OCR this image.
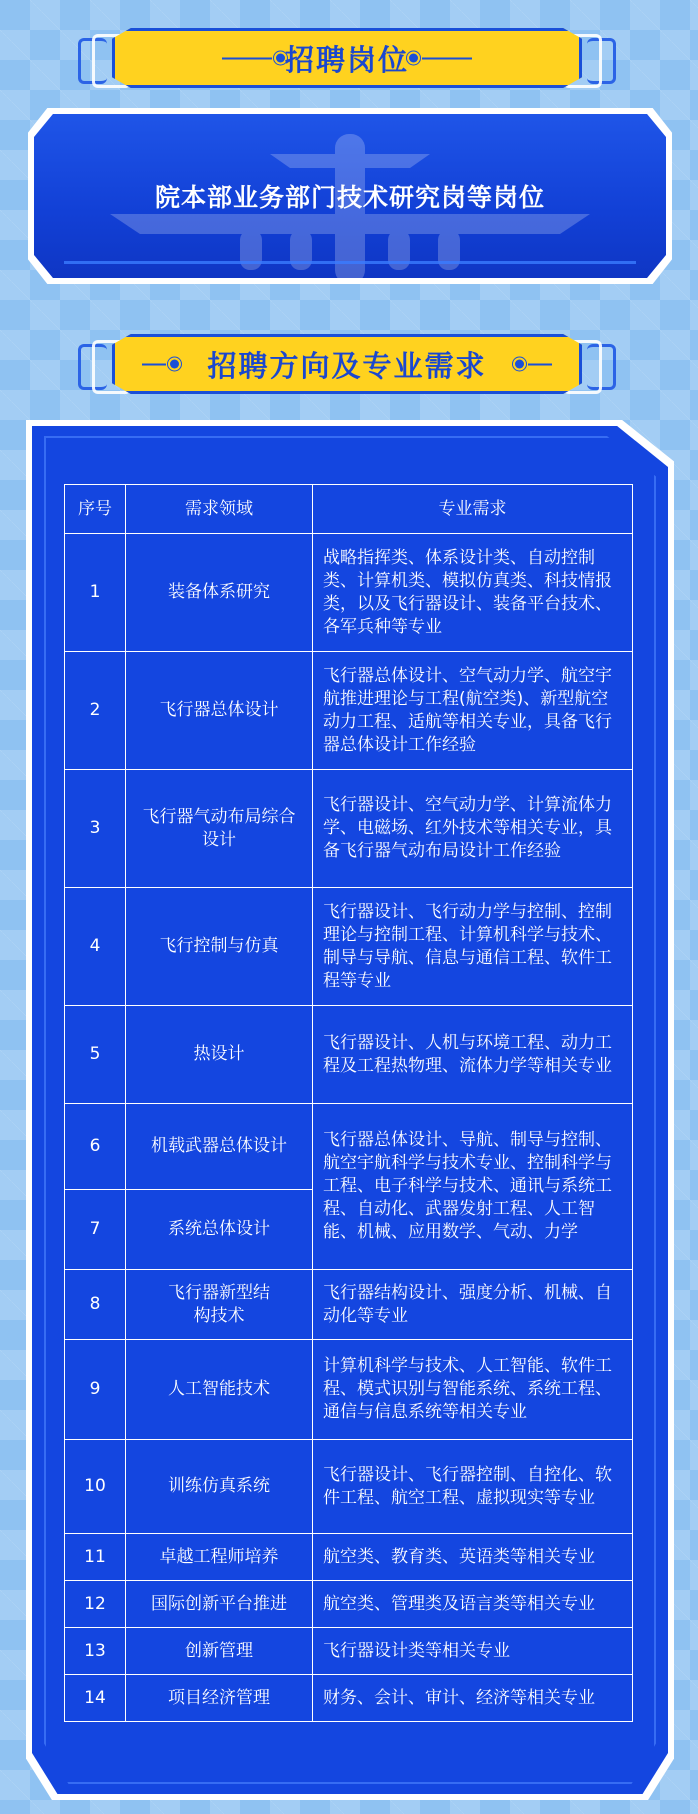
招聘岗位
院本部业务部门技术研究岗等岗位
招聘方向及专业需求
序号	需求领域	专业需求
1	装备体系研究	战略指挥类、体系设计类、自动控制类、计算机类、模拟仿真类、科技情报类，以及飞行器设计、装备平台技术、各军兵种等专业
2	飞行器总体设计	飞行器总体设计、空气动力学、航空宇航推进理论与工程(航空类)、新型航空动力工程、适航等相关专业，具备飞行器总体设计工作经验
3	飞行器气动布局综合设计	飞行器设计、空气动力学、计算流体力学、电磁场、红外技术等相关专业，具备飞行器气动布局设计工作经验
4	飞行控制与仿真	飞行器设计、飞行动力学与控制、控制理论与控制工程、计算机科学与技术、制导与导航、信息与通信工程、软件工程等专业
5	热设计	飞行器设计、人机与环境工程、动力工程及工程热物理、流体力学等相关专业
6	机载武器总体设计	飞行器总体设计、导航、制导与控制、航空宇航科学与技术专业、控制科学与工程、电子科学与技术、通讯与系统工程、自动化、武器发射工程、人工智能、机械、应用数学、气动、力学
7	系统总体设计	
8	飞行器新型结构技术	飞行器结构设计、强度分析、机械、自动化等专业
9	人工智能技术	计算机科学与技术、人工智能、软件工程、模式识别与智能系统、系统工程、通信与信息系统等相关专业
10	训练仿真系统	飞行器设计、飞行器控制、自控化、软件工程、航空工程、虚拟现实等专业
11	卓越工程师培养	航空类、教育类、英语类等相关专业
12	国际创新平台推进	航空类、管理类及语言类等相关专业
13	创新管理	飞行器设计类等相关专业
14	项目经济管理	财务、会计、审计、经济等相关专业
